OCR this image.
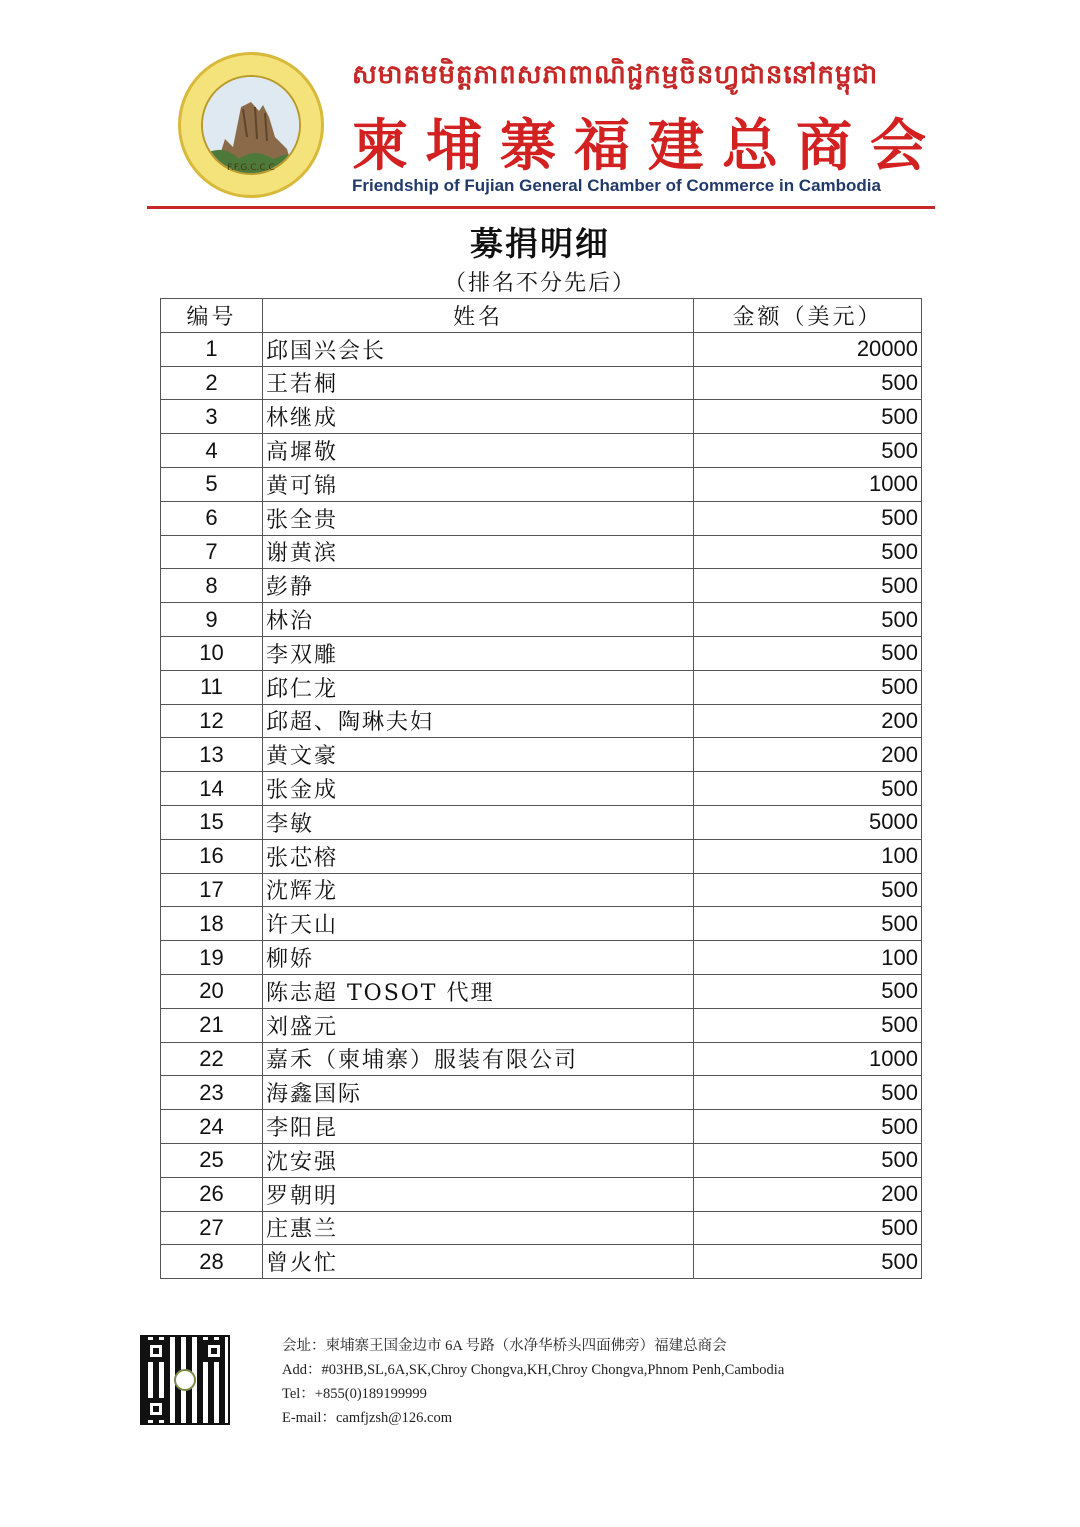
F.F.G.C.C.C
សមាគមមិត្តភាពសភាពាណិជ្ជកម្មចិនហ្វូជាននៅកម្ពុជា
柬埔寨福建总商会
Friendship of Fujian General Chamber of Commerce in Cambodia
募捐明细
（排名不分先后）
编号	姓名	金额（美元）
1	邱国兴会长	20000
2	王若桐	500
3	林继成	500
4	高墀敬	500
5	黄可锦	1000
6	张全贵	500
7	谢黄滨	500
8	彭静	500
9	林治	500
10	李双雕	500
11	邱仁龙	500
12	邱超、陶琳夫妇	200
13	黄文豪	200
14	张金成	500
15	李敏	5000
16	张芯榕	100
17	沈辉龙	500
18	许天山	500
19	柳娇	100
20	陈志超 TOSOT 代理	500
21	刘盛元	500
22	嘉禾（柬埔寨）服装有限公司	1000
23	海鑫国际	500
24	李阳昆	500
25	沈安强	500
26	罗朝明	200
27	庄惠兰	500
28	曾火忙	500
会址：柬埔寨王国金边市 6A 号路（水净华桥头四面佛旁）福建总商会
Add：#03HB,SL,6A,SK,Chroy Chongva,KH,Chroy Chongva,Phnom Penh,Cambodia
Tel：+855(0)189199999
E-mail：camfjzsh@126.com
